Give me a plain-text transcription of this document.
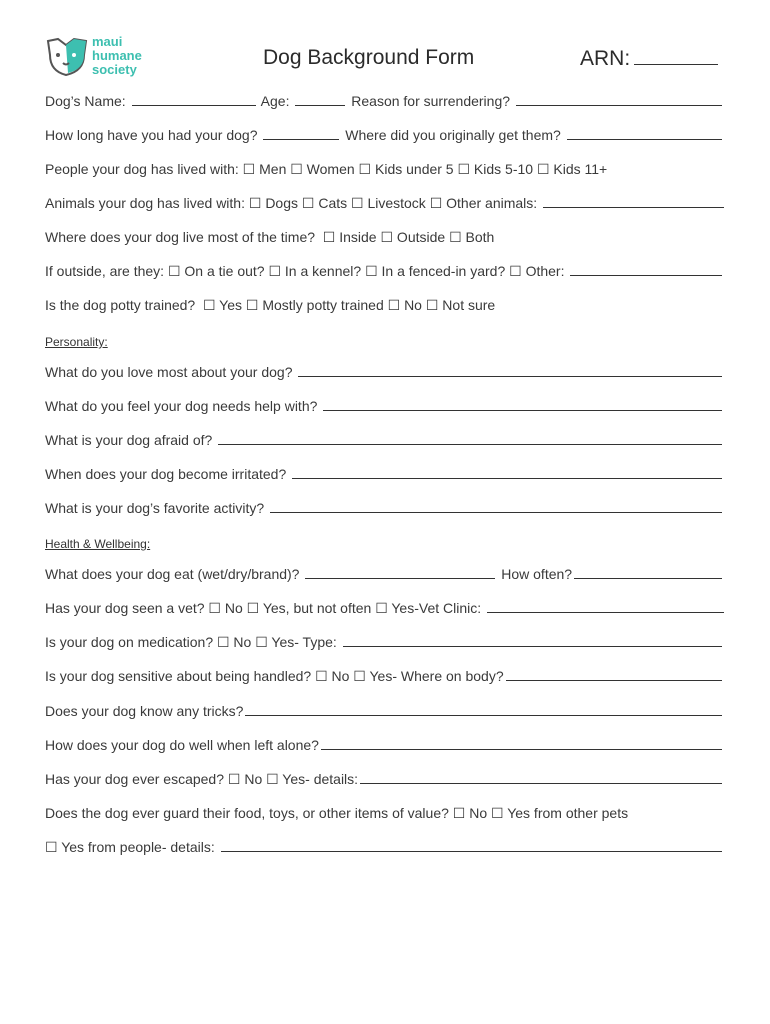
maui
humane
society
Dog Background Form	ARN:
Dog’s Name:	Age:	Reason for surrendering?
How long have you had your dog?	Where did you originally get them?
People your dog has lived with: ☐ Men ☐ Women ☐ Kids under 5 ☐ Kids 5-10 ☐ Kids 11+
Animals your dog has lived with: ☐ Dogs ☐ Cats ☐ Livestock ☐ Other animals:
Where does your dog live most of the time?  ☐ Inside ☐ Outside ☐ Both
If outside, are they: ☐ On a tie out? ☐ In a kennel? ☐ In a fenced-in yard? ☐ Other:
Is the dog potty trained?  ☐ Yes ☐ Mostly potty trained ☐ No ☐ Not sure
Personality:
What do you love most about your dog?
What do you feel your dog needs help with?
What is your dog afraid of?
When does your dog become irritated?
What is your dog’s favorite activity?
Health & Wellbeing:
What does your dog eat (wet/dry/brand)?	How often?
Has your dog seen a vet? ☐ No ☐ Yes, but not often ☐ Yes-Vet Clinic:
Is your dog on medication? ☐ No ☐ Yes- Type:
Is your dog sensitive about being handled? ☐ No ☐ Yes- Where on body?
Does your dog know any tricks?
How does your dog do well when left alone?
Has your dog ever escaped? ☐ No ☐ Yes- details:
Does the dog ever guard their food, toys, or other items of value? ☐ No ☐ Yes from other pets
☐ Yes from people- details:
